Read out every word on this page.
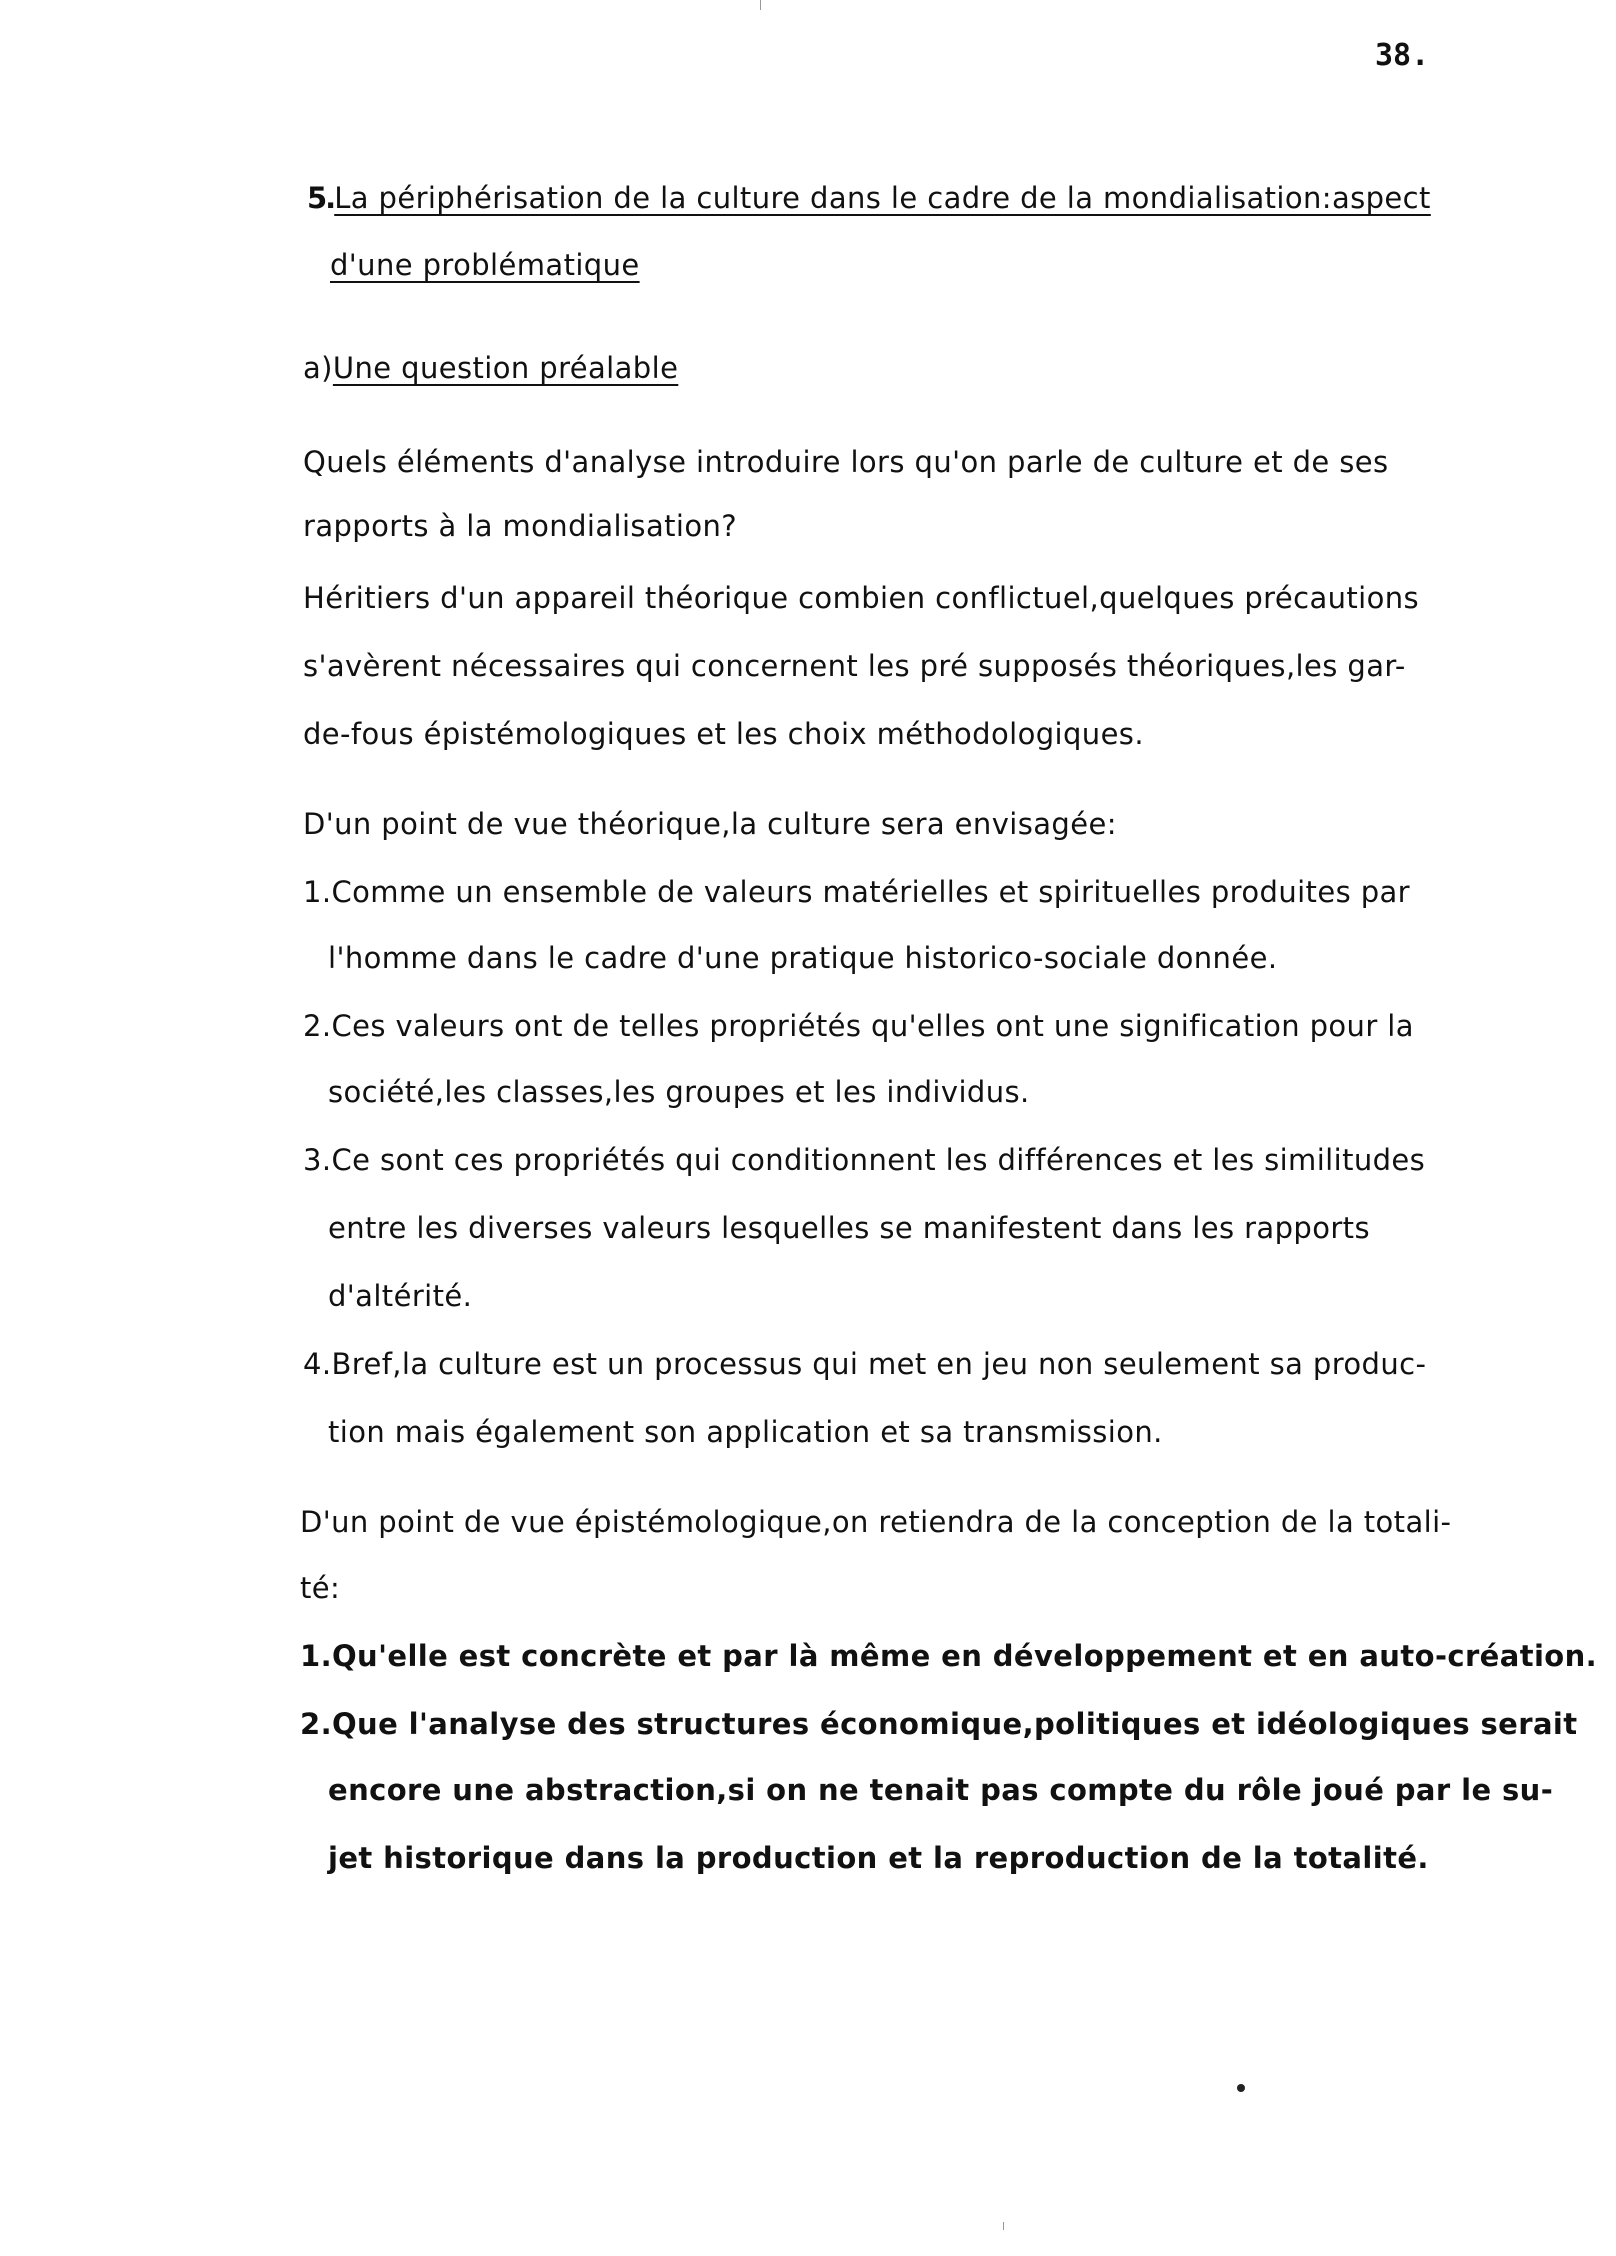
38.
5.La périphérisation de la culture dans le cadre de la mondialisation:aspect
d'une problématique
a)Une question préalable
Quels éléments d'analyse introduire lors qu'on parle de culture et de ses
rapports à la mondialisation?
Héritiers d'un appareil théorique combien conflictuel,quelques précautions
s'avèrent nécessaires qui concernent les pré supposés théoriques,les gar-
de-fous épistémologiques et les choix méthodologiques.
D'un point de vue théorique,la culture sera envisagée:
1.Comme un ensemble de valeurs matérielles et spirituelles produites par
l'homme dans le cadre d'une pratique historico-sociale donnée.
2.Ces valeurs ont de telles propriétés qu'elles ont une signification pour la
société,les classes,les groupes et les individus.
3.Ce sont ces propriétés qui conditionnent les différences et les similitudes
entre les diverses valeurs lesquelles se manifestent dans les rapports
d'altérité.
4.Bref,la culture est un processus qui met en jeu non seulement sa produc-
tion mais également son application et sa transmission.
D'un point de vue épistémologique,on retiendra de la conception de la totali-
té:
1.Qu'elle est concrète et par là même en développement et en auto-création.
2.Que l'analyse des structures économique,politiques et idéologiques serait
encore une abstraction,si on ne tenait pas compte du rôle joué par le su-
jet historique dans la production et la reproduction de la totalité.
